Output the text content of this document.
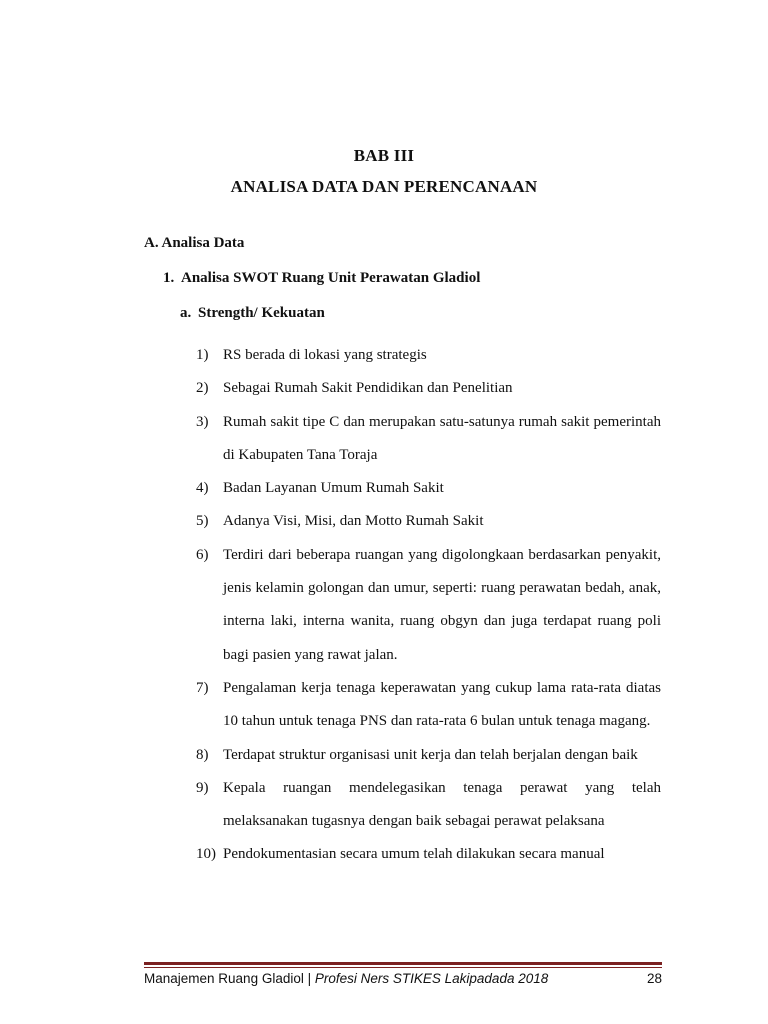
BAB III
ANALISA DATA DAN PERENCANAAN
A. Analisa Data
1. Analisa SWOT Ruang Unit Perawatan Gladiol
a. Strength/ Kekuatan
1) RS berada di lokasi yang strategis
2) Sebagai Rumah Sakit Pendidikan dan Penelitian
3) Rumah sakit tipe C dan merupakan satu-satunya rumah sakit pemerintah di Kabupaten Tana Toraja
4) Badan Layanan Umum Rumah Sakit
5) Adanya Visi, Misi, dan Motto Rumah Sakit
6) Terdiri dari beberapa ruangan yang digolongkaan berdasarkan penyakit, jenis kelamin golongan dan umur, seperti: ruang perawatan bedah, anak, interna laki, interna wanita, ruang obgyn dan juga terdapat ruang poli bagi pasien yang rawat jalan.
7) Pengalaman kerja tenaga keperawatan yang cukup lama rata-rata diatas 10 tahun untuk tenaga PNS dan rata-rata 6 bulan untuk tenaga magang.
8) Terdapat struktur organisasi unit kerja dan telah berjalan dengan baik
9) Kepala ruangan mendelegasikan tenaga perawat yang telah melaksanakan tugasnya dengan baik sebagai perawat pelaksana
10) Pendokumentasian secara umum telah dilakukan secara manual
Manajemen Ruang Gladiol | Profesi Ners STIKES Lakipadada 2018	28
